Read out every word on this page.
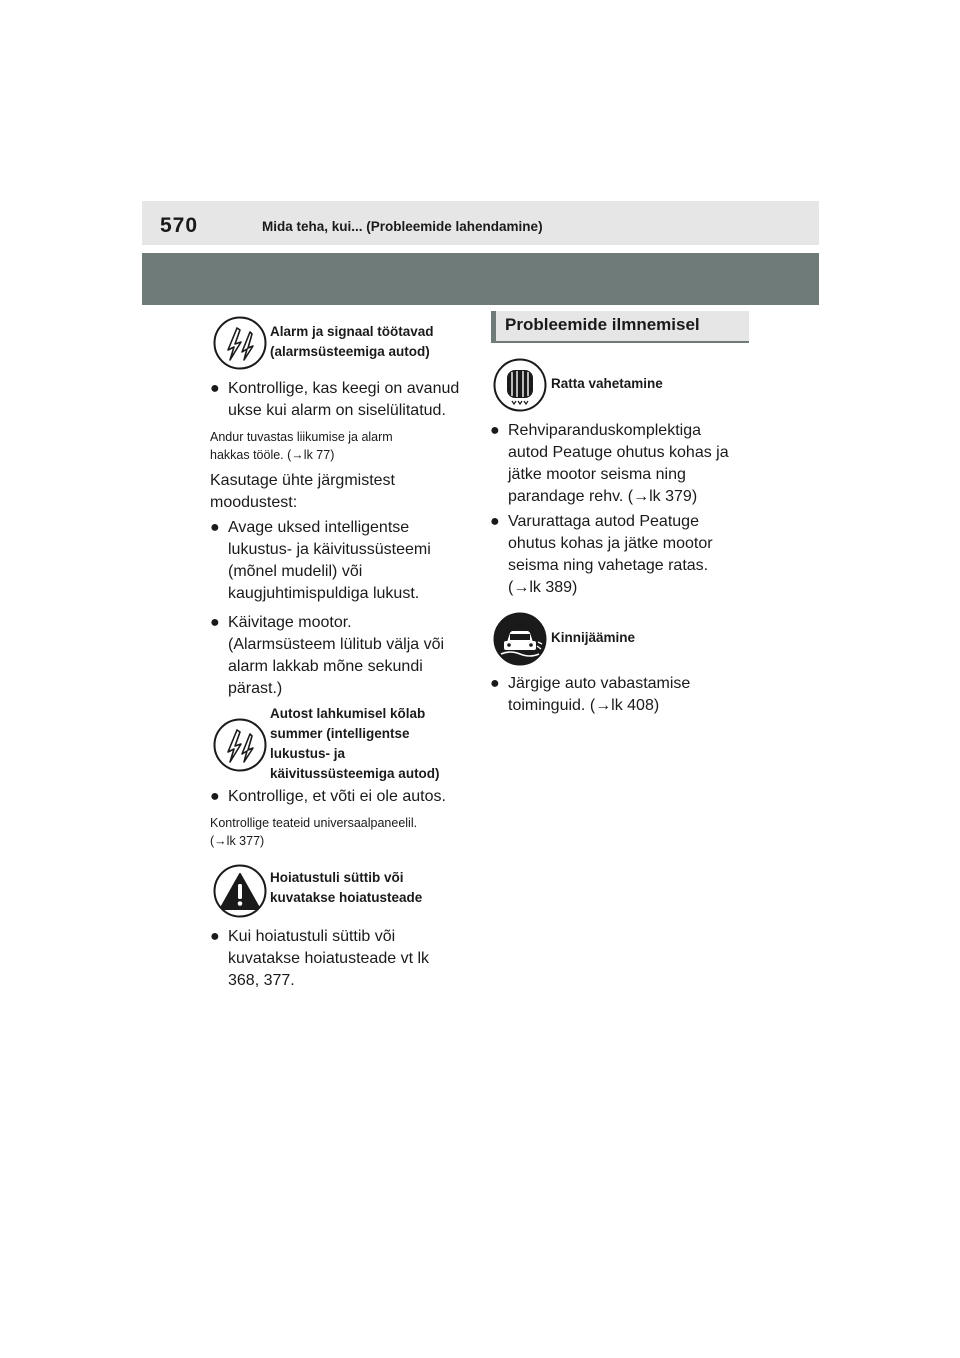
570	Mida teha, kui... (Probleemide lahendamine)
Alarm ja signaal töötavad
(alarmsüsteemiga autod)
● Kontrollige, kas keegi on avanud
ukse kui alarm on siselülitatud.
Andur tuvastas liikumise ja alarm
hakkas tööle. (→lk 77)
Kasutage ühte järgmistest
moodustest:
● Avage uksed intelligentse
lukustus- ja käivitussüsteemi
(mõnel mudelil) või
kaugjuhtimispuldiga lukust.
● Käivitage mootor.
(Alarmsüsteem lülitub välja või
alarm lakkab mõne sekundi
pärast.)
Autost lahkumisel kõlab
summer (intelligentse
lukustus- ja
käivitussüsteemiga autod)
● Kontrollige, et võti ei ole autos.
Kontrollige teateid universaalpaneelil.
(→lk 377)
Hoiatustuli süttib või
kuvatakse hoiatusteade
● Kui hoiatustuli süttib või
kuvatakse hoiatusteade vt lk
368, 377.
Probleemide ilmnemisel
Ratta vahetamine
● Rehviparanduskomplektiga
autod Peatuge ohutus kohas ja
jätke mootor seisma ning
parandage rehv. (→lk 379)
● Varurattaga autod Peatuge
ohutus kohas ja jätke mootor
seisma ning vahetage ratas.
(→lk 389)
Kinnijäämine
● Järgige auto vabastamise
toiminguid. (→lk 408)
